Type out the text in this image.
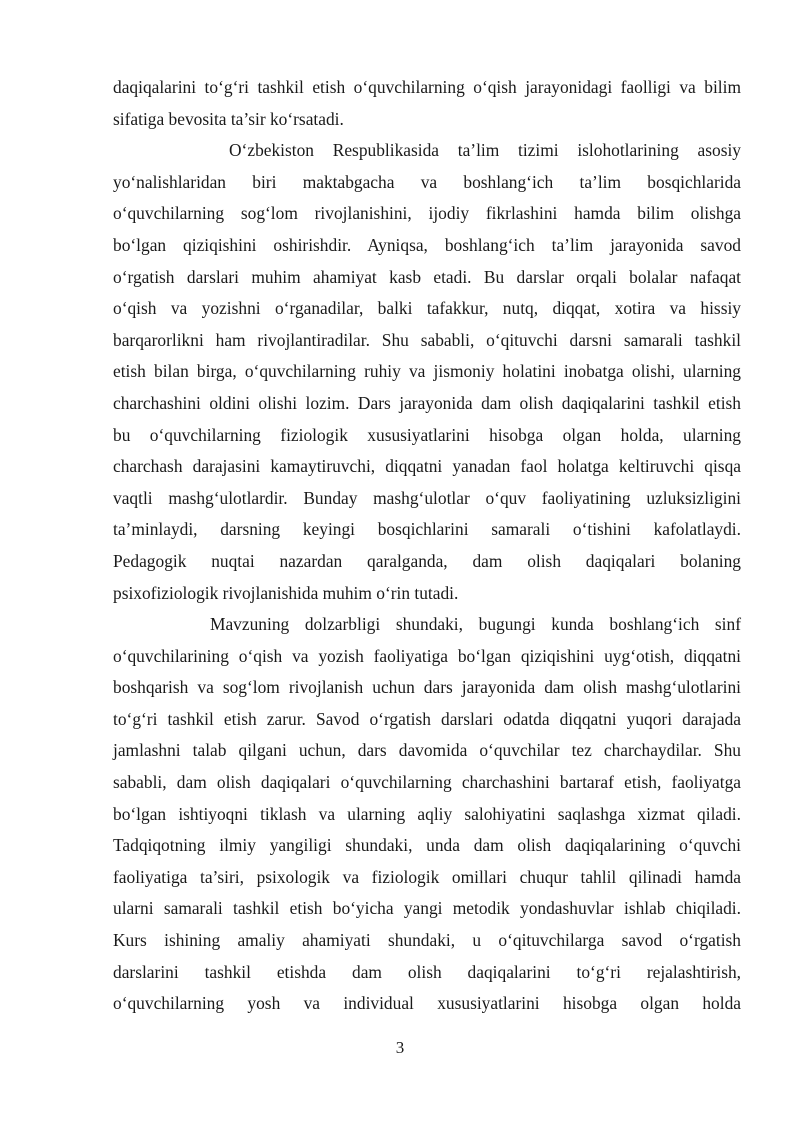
daqiqalarini to‘g‘ri tashkil etish o‘quvchilarning o‘qish jarayonidagi faolligi va bilim
sifatiga bevosita ta’sir ko‘rsatadi.
O‘zbekiston Respublikasida ta’lim tizimi islohotlarining asosiy
yo‘nalishlaridan biri maktabgacha va boshlang‘ich ta’lim bosqichlarida
o‘quvchilarning sog‘lom rivojlanishini, ijodiy fikrlashini hamda bilim olishga
bo‘lgan qiziqishini oshirishdir. Ayniqsa, boshlang‘ich ta’lim jarayonida savod
o‘rgatish darslari muhim ahamiyat kasb etadi. Bu darslar orqali bolalar nafaqat
o‘qish va yozishni o‘rganadilar, balki tafakkur, nutq, diqqat, xotira va hissiy
barqarorlikni ham rivojlantiradilar. Shu sababli, o‘qituvchi darsni samarali tashkil
etish bilan birga, o‘quvchilarning ruhiy va jismoniy holatini inobatga olishi, ularning
charchashini oldini olishi lozim. Dars jarayonida dam olish daqiqalarini tashkil etish
bu o‘quvchilarning fiziologik xususiyatlarini hisobga olgan holda, ularning
charchash darajasini kamaytiruvchi, diqqatni yanadan faol holatga keltiruvchi qisqa
vaqtli mashg‘ulotlardir. Bunday mashg‘ulotlar o‘quv faoliyatining uzluksizligini
ta’minlaydi, darsning keyingi bosqichlarini samarali o‘tishini kafolatlaydi.
Pedagogik nuqtai nazardan qaralganda, dam olish daqiqalari bolaning
psixofiziologik rivojlanishida muhim o‘rin tutadi.
Mavzuning dolzarbligi shundaki, bugungi kunda boshlang‘ich sinf
o‘quvchilarining o‘qish va yozish faoliyatiga bo‘lgan qiziqishini uyg‘otish, diqqatni
boshqarish va sog‘lom rivojlanish uchun dars jarayonida dam olish mashg‘ulotlarini
to‘g‘ri tashkil etish zarur. Savod o‘rgatish darslari odatda diqqatni yuqori darajada
jamlashni talab qilgani uchun, dars davomida o‘quvchilar tez charchaydilar. Shu
sababli, dam olish daqiqalari o‘quvchilarning charchashini bartaraf etish, faoliyatga
bo‘lgan ishtiyoqni tiklash va ularning aqliy salohiyatini saqlashga xizmat qiladi.
Tadqiqotning ilmiy yangiligi shundaki, unda dam olish daqiqalarining o‘quvchi
faoliyatiga ta’siri, psixologik va fiziologik omillari chuqur tahlil qilinadi hamda
ularni samarali tashkil etish bo‘yicha yangi metodik yondashuvlar ishlab chiqiladi.
Kurs ishining amaliy ahamiyati shundaki, u o‘qituvchilarga savod o‘rgatish
darslarini tashkil etishda dam olish daqiqalarini to‘g‘ri rejalashtirish,
o‘quvchilarning yosh va individual xususiyatlarini hisobga olgan holda
3
